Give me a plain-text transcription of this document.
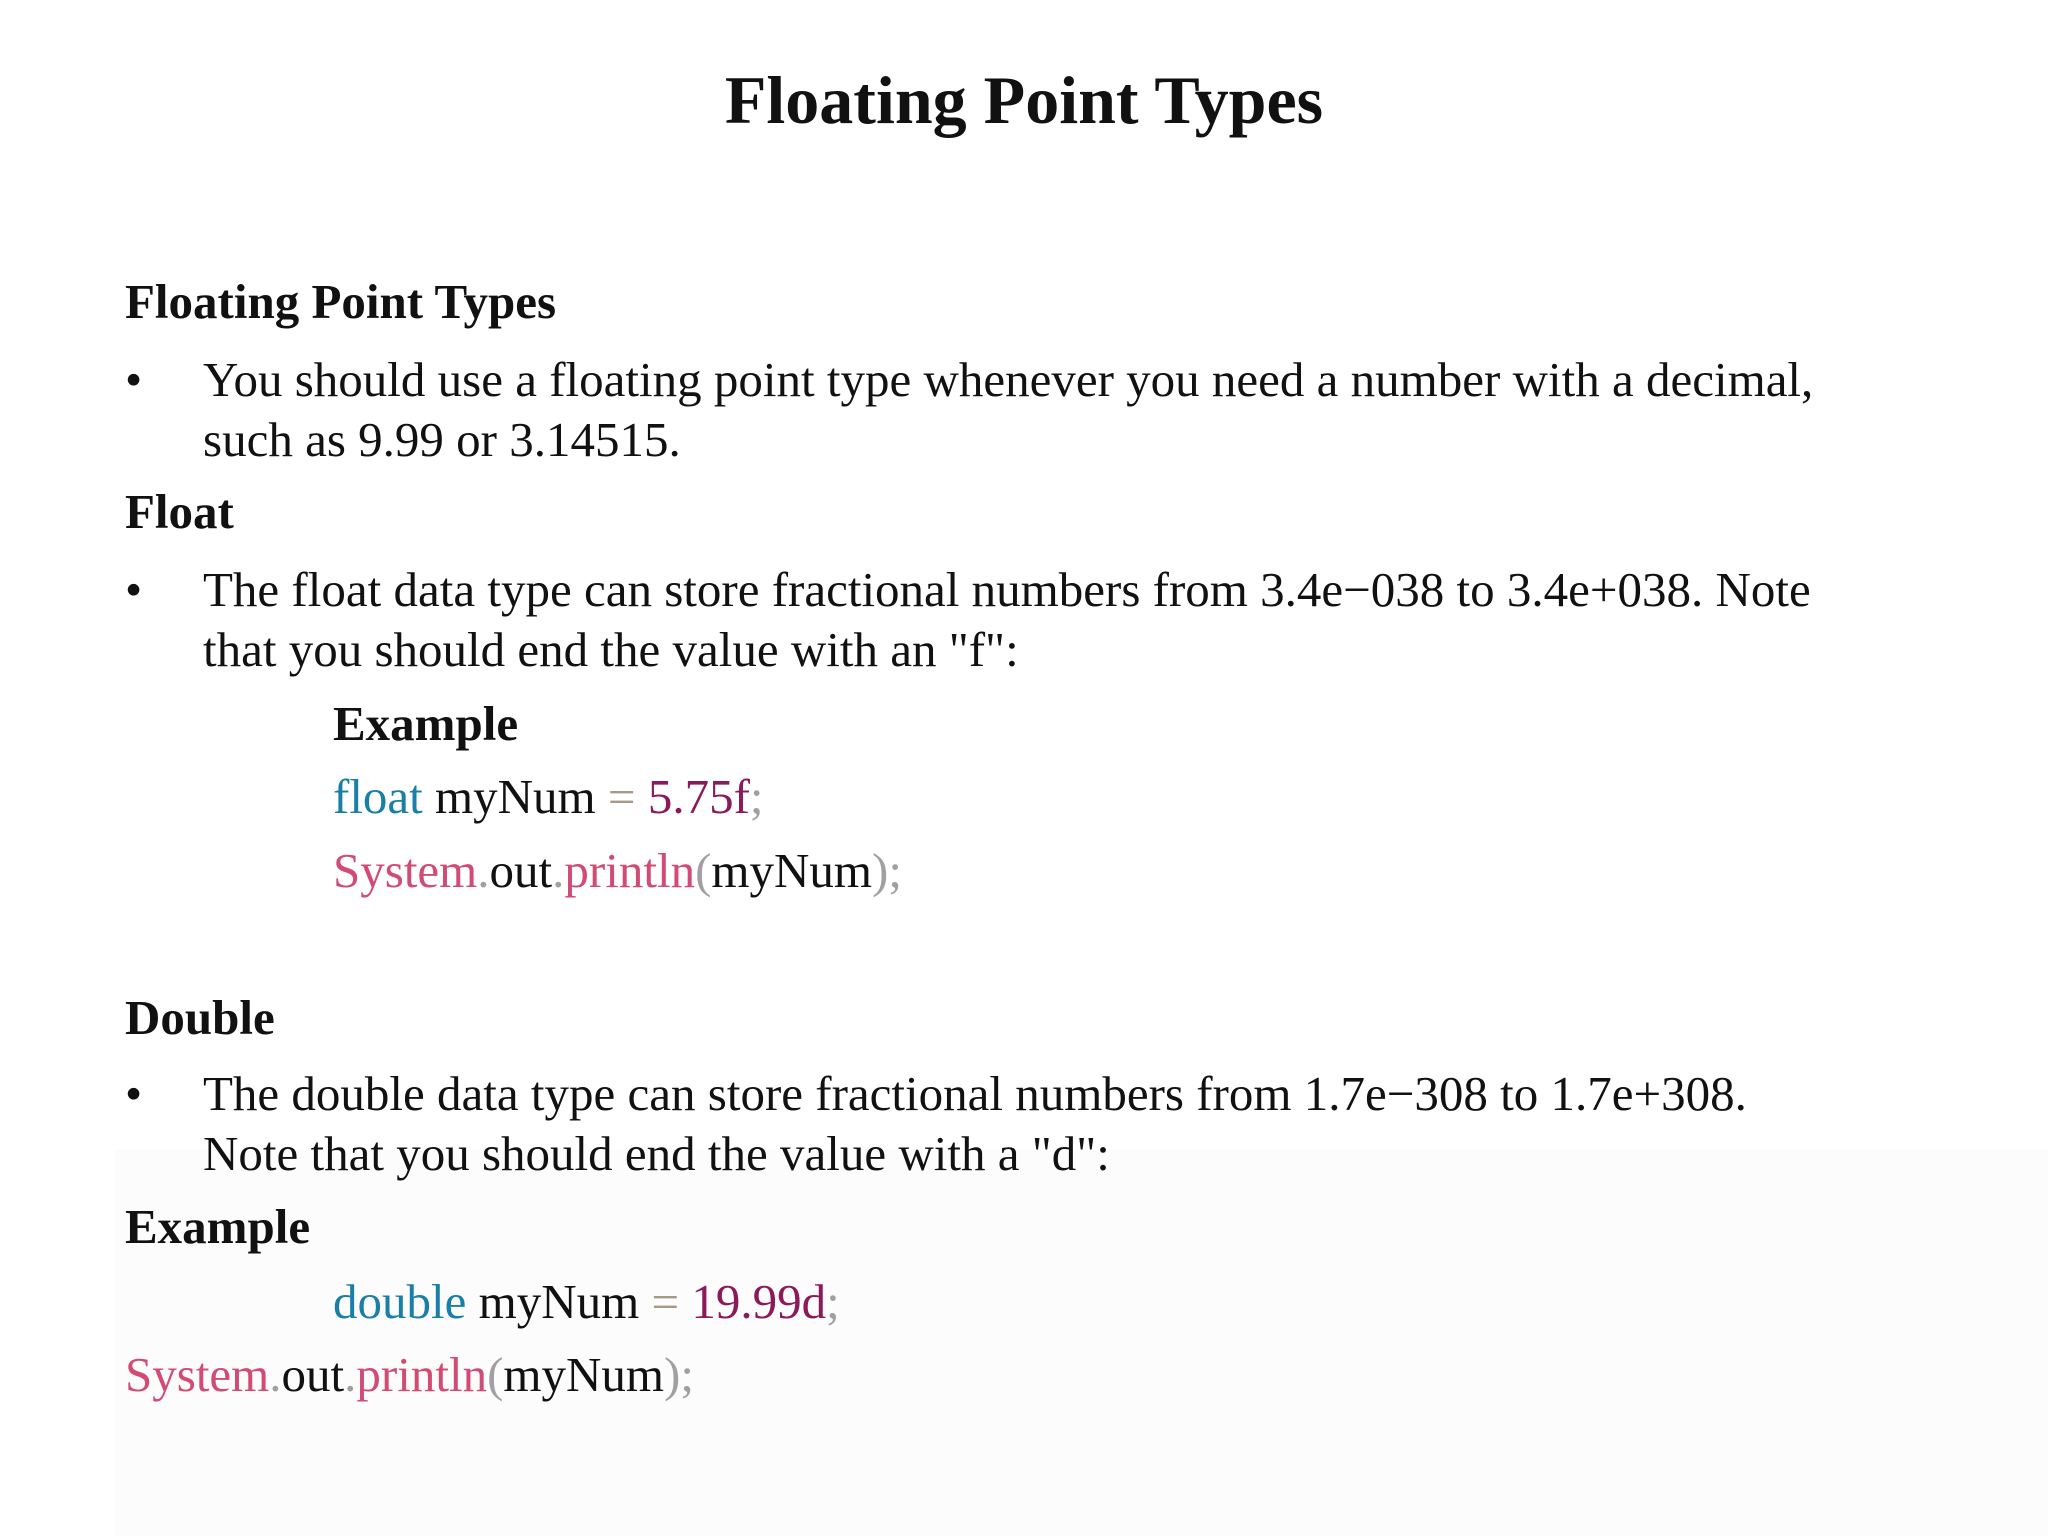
Floating Point Types
Floating Point Types
• You should use a floating point type whenever you need a number with a decimal,
such as 9.99 or 3.14515.
Float
• The float data type can store fractional numbers from 3.4e−038 to 3.4e+038. Note
that you should end the value with an "f":
Example
float myNum = 5.75f;
System.out.println(myNum);
Double
• The double data type can store fractional numbers from 1.7e−308 to 1.7e+308.
Note that you should end the value with a "d":
Example
double myNum = 19.99d;
System.out.println(myNum);
